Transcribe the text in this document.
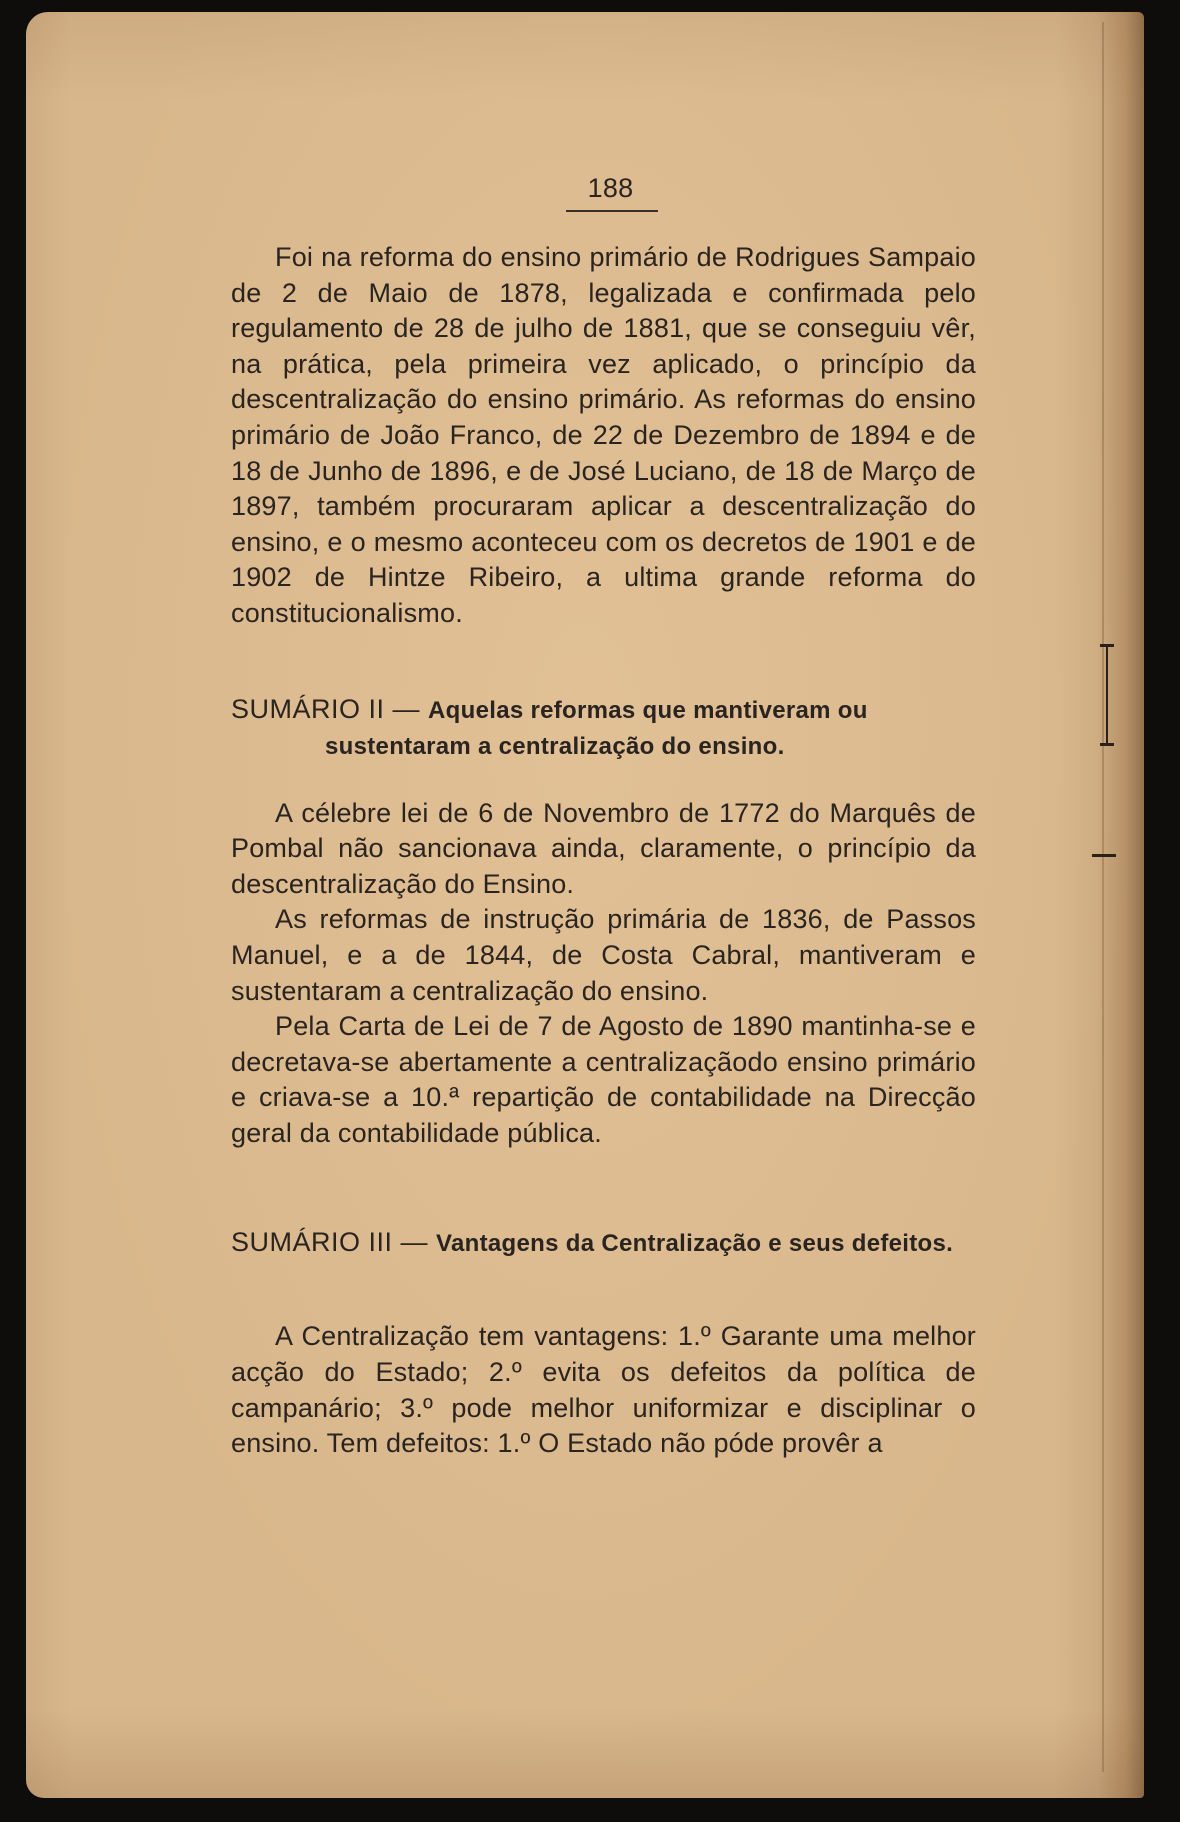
188

Foi na reforma do ensino primário de Rodrigues Sampaio de 2 de Maio de 1878, legalizada e confirmada pelo regulamento de 28 de julho de 1881, que se conseguiu vêr, na prática, pela primeira vez aplicado, o princípio da descentralização do ensino primário. As reformas do ensino primário de João Franco, de 22 de Dezembro de 1894 e de 18 de Junho de 1896, e de José Luciano, de 18 de Março de 1897, também procuraram aplicar a descentralização do ensino, e o mesmo aconteceu com os decretos de 1901 e de 1902 de Hintze Ribeiro, a ultima grande reforma do constitucionalismo.

SUMÁRIO II — Aquelas reformas que mantiveram ou sustentaram a centralização do ensino.

A célebre lei de 6 de Novembro de 1772 do Marquês de Pombal não sancionava ainda, claramente, o princípio da descentralização do Ensino.

As reformas de instrução primária de 1836, de Passos Manuel, e a de 1844, de Costa Cabral, mantiveram e sustentaram a centralização do ensino.

Pela Carta de Lei de 7 de Agosto de 1890 mantinha-se e decretava-se abertamente a centralizaçãodo ensino primário e criava-se a 10.ª repartição de contabilidade na Direcção geral da contabilidade pública.

SUMÁRIO III — Vantagens da Centralização e seus defeitos.

A Centralização tem vantagens: 1.º Garante uma melhor acção do Estado; 2.º evita os defeitos da política de campanário; 3.º pode melhor uniformizar e disciplinar o ensino. Tem defeitos: 1.º O Estado não póde provêr a
